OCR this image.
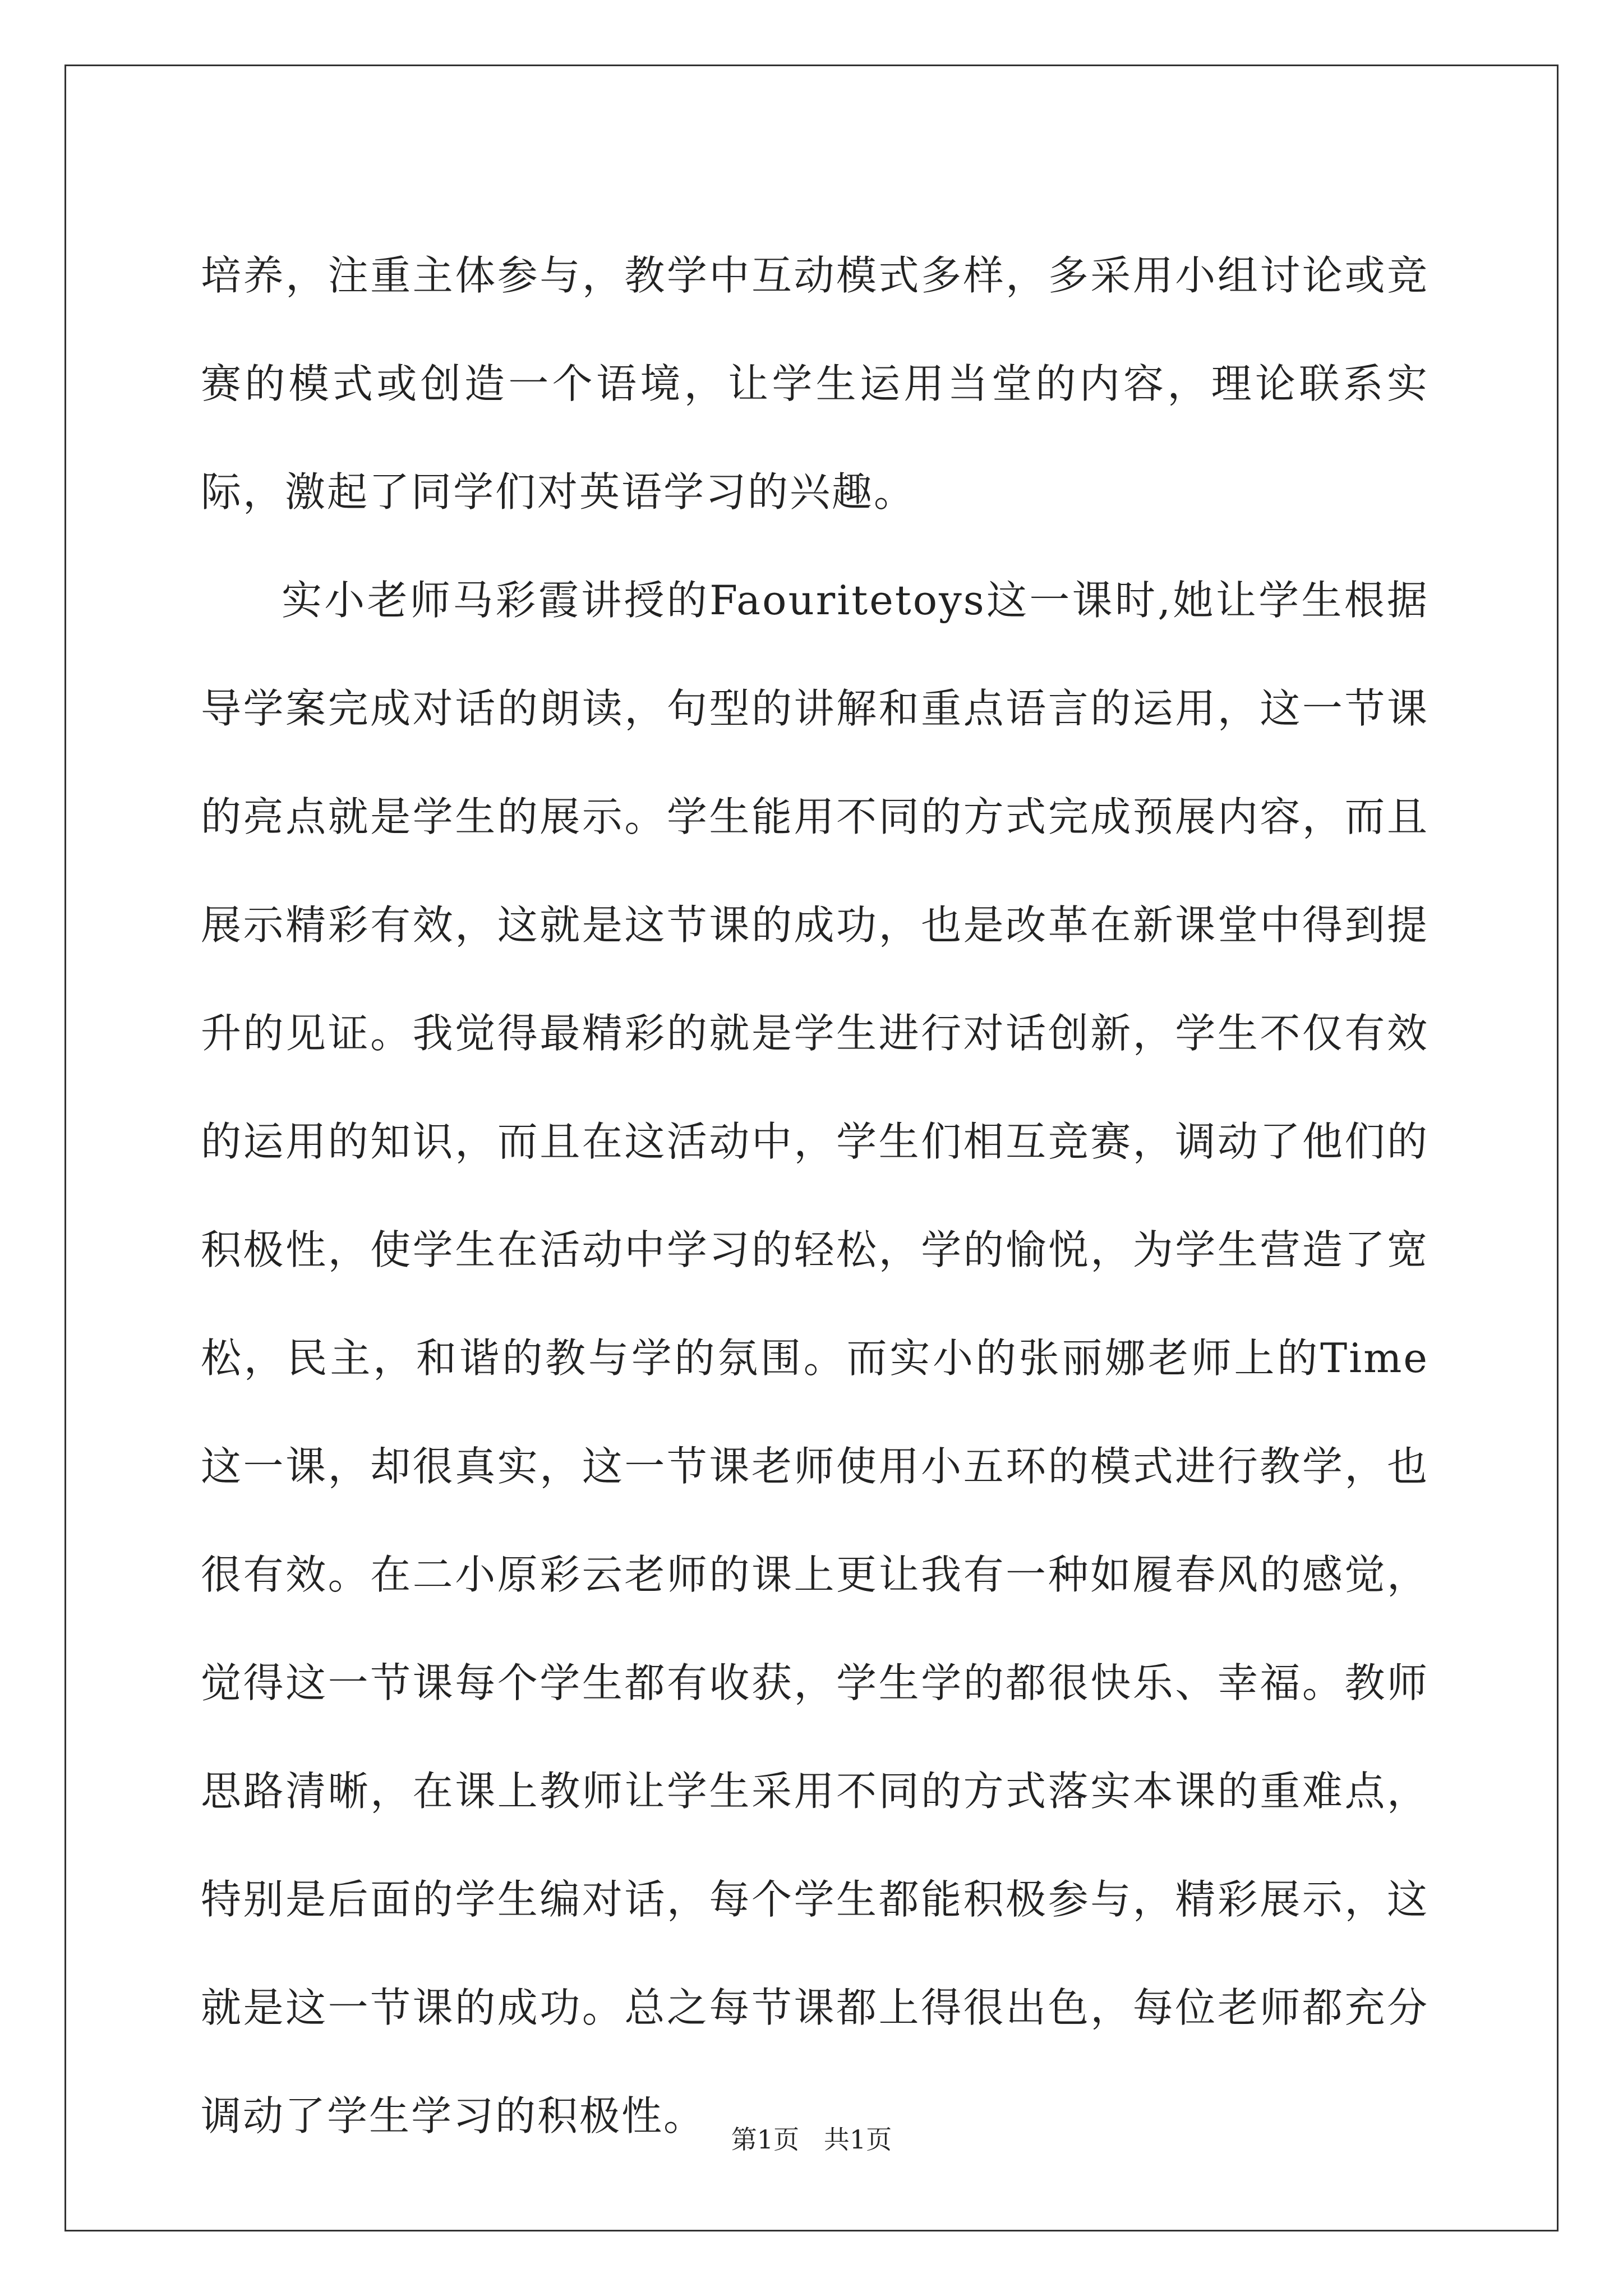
培养，注重主体参与，教学中互动模式多样，多采用小组讨论或竞赛的模式或创造一个语境，让学生运用当堂的内容，理论联系实际，激起了同学们对英语学习的兴趣。

实小老师马彩霞讲授的Faouritetoys这一课时,她让学生根据导学案完成对话的朗读，句型的讲解和重点语言的运用，这一节课的亮点就是学生的展示。学生能用不同的方式完成预展内容，而且展示精彩有效，这就是这节课的成功，也是改革在新课堂中得到提升的见证。我觉得最精彩的就是学生进行对话创新，学生不仅有效的运用的知识，而且在这活动中，学生们相互竞赛，调动了他们的积极性，使学生在活动中学习的轻松，学的愉悦，为学生营造了宽松，民主，和谐的教与学的氛围。而实小的张丽娜老师上的Time这一课，却很真实，这一节课老师使用小五环的模式进行教学，也很有效。在二小原彩云老师的课上更让我有一种如履春风的感觉，觉得这一节课每个学生都有收获，学生学的都很快乐、幸福。教师思路清晰，在课上教师让学生采用不同的方式落实本课的重难点，特别是后面的学生编对话，每个学生都能积极参与，精彩展示，这就是这一节课的成功。总之每节课都上得很出色，每位老师都充分调动了学生学习的积极性。 第1页   共1页
